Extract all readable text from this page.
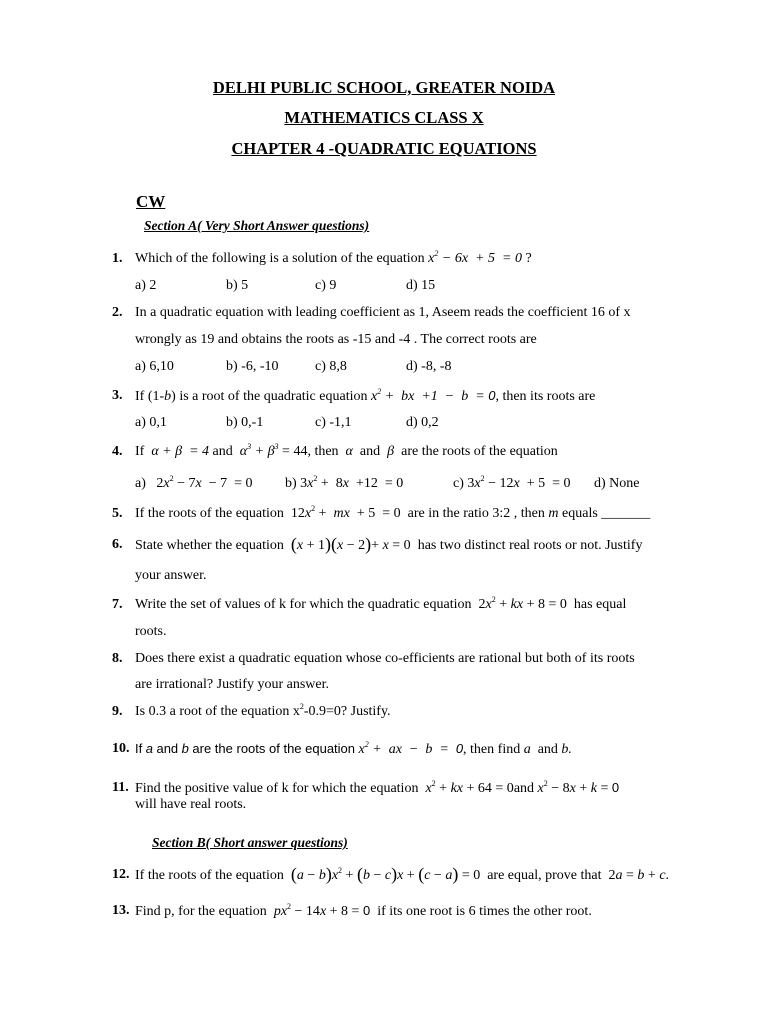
DELHI PUBLIC SCHOOL, GREATER NOIDA
MATHEMATICS CLASS X
CHAPTER 4 -QUADRATIC EQUATIONS
CW
Section A( Very Short Answer questions)
1. Which of the following is a solution of the equation $x^2 - 6x + 5 = 0$ ?
a) 2	b) 5	c) 9	d) 15
2. In a quadratic equation with leading coefficient as 1, Aseem reads the coefficient 16 of x
wrongly as 19 and obtains the roots as -15 and -4 . The correct roots are
a) 6,10	b) -6, -10	c) 8,8	d) -8, -8
3. If (1-b) is a root of the quadratic equation $x^2$ +  bx  +1  −  b  = 0, then its roots are
a) 0,1	b) 0,-1	c) -1,1	d) 0,2
4. If α + β  = 4 and $\alpha^3 + \beta^3 = 44$, then α and β are the roots of the equation
a)   $2x^2 - 7x - 7 = 0$ b) $3x^2 + 8x +12 = 0$	c) $3x^2 - 12x + 5 = 0$ d) None
5. If the roots of the equation  $12x^2$ +  mx  + 5  = 0  are in the ratio 3:2 , then m equals _______
6. State whether the equation (x + 1)(x − 2)+ x = 0  has two distinct real roots or not. Justify
your answer.
7. Write the set of values of k for which the quadratic equation  $2x^2$ + kx + 8 = 0  has equal
roots.
8. Does there exist a quadratic equation whose co-efficients are rational but both of its roots
are irrational? Justify your answer.
9. Is 0.3 a root of the equation $x^2-0.9=0$? Justify.
10. If a and b are the roots of the equation $x^2$ +  ax  −  b  =  0, then find a and b.
11. Find the positive value of k for which the equation $x^2$ + kx + 64 = 0and $x^2 - 8x + k = 0$
will have real roots.
Section B( Short answer questions)
12. If the roots of the equation $(a - b)x^2 + (b - c)x + (c - a) = 0$  are equal, prove that  2a = b + c.
13. Find p, for the equation $px^2 - 14x + 8 = 0$ if its one root is 6 times the other root.
